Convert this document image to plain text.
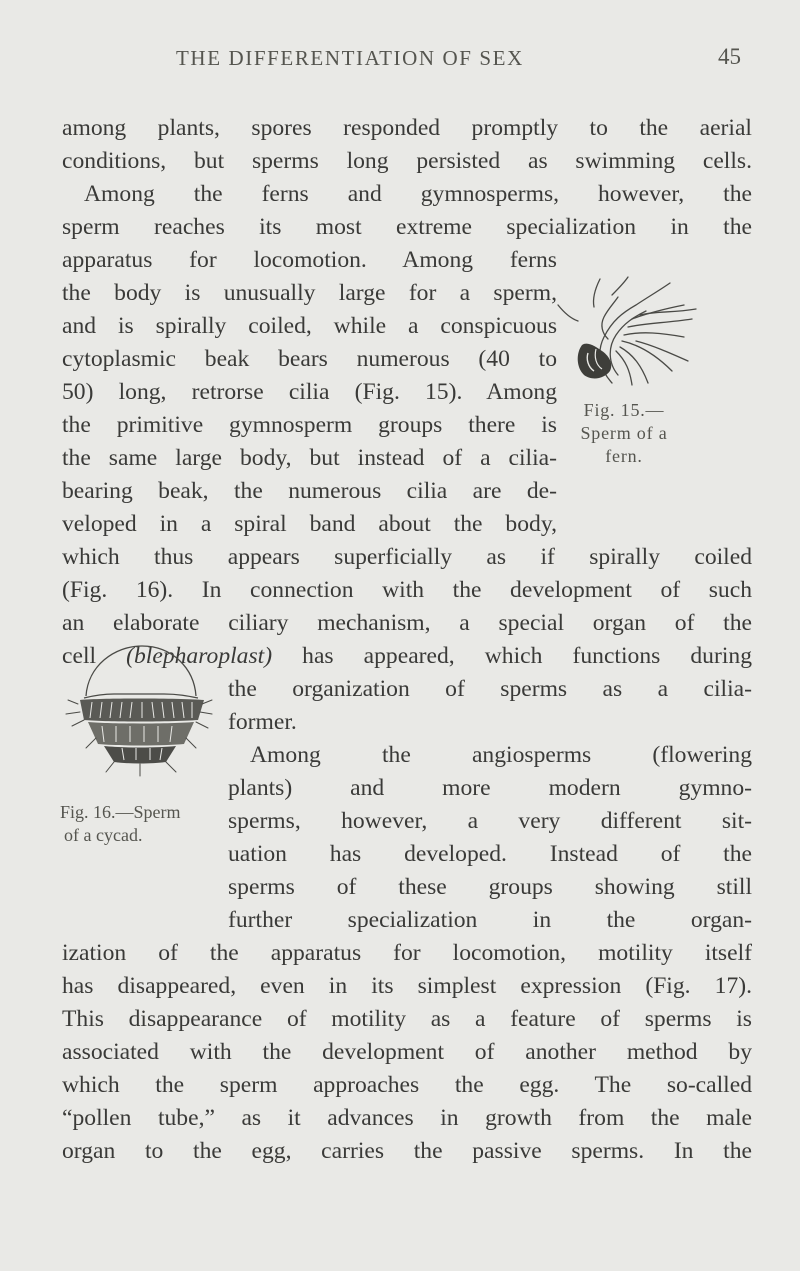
THE DIFFERENTIATION OF SEX	45
among plants, spores responded promptly to the aerial
conditions, but sperms long persisted as swimming cells.
Among the ferns and gymnosperms, however, the
sperm reaches its most extreme specialization in the
apparatus for locomotion. Among ferns
the body is unusually large for a sperm,
and is spirally coiled, while a conspicuous
cytoplasmic beak bears numerous (40 to
50) long, retrorse cilia (Fig. 15). Among
the primitive gymnosperm groups there is
the same large body, but instead of a cilia-
bearing beak, the numerous cilia are de-
veloped in a spiral band about the body,
which thus appears superficially as if spirally coiled
(Fig. 16). In connection with the development of such
an elaborate ciliary mechanism, a special organ of the
cell (blepharoplast) has appeared, which functions during
the organization of sperms as a cilia-
former.
Among the angiosperms (flowering
plants) and more modern gymno-
sperms, however, a very different sit-
uation has developed. Instead of the
sperms of these groups showing still
further specialization in the organ-
ization of the apparatus for locomotion, motility itself
has disappeared, even in its simplest expression (Fig. 17).
This disappearance of motility as a feature of sperms is
associated with the development of another method by
which the sperm approaches the egg. The so-called
“pollen tube,” as it advances in growth from the male
organ to the egg, carries the passive sperms. In the
Fig. 15.—
Sperm of a
fern.
Fig. 16.—Sperm
of a cycad.
